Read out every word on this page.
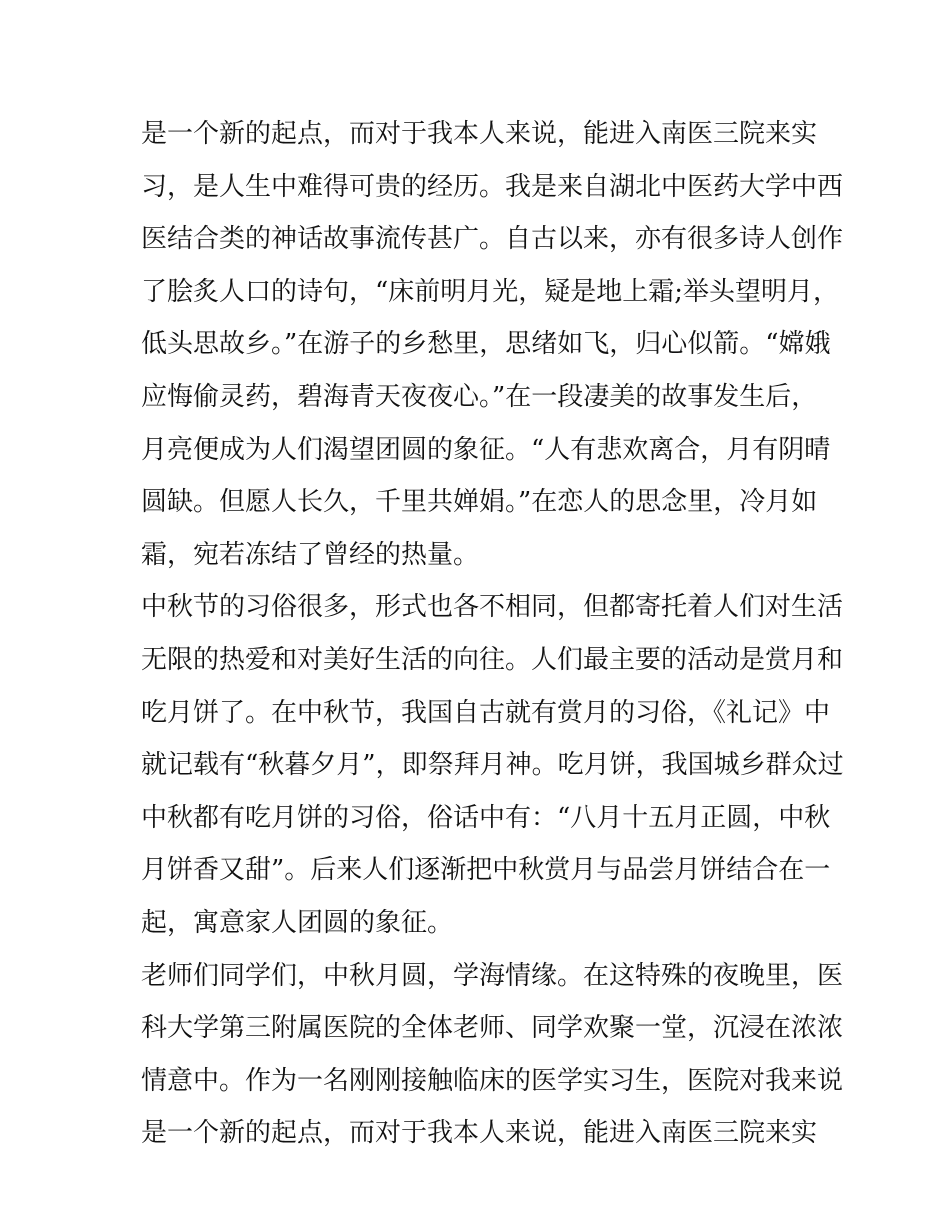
是一个新的起点，而对于我本人来说，能进入南医三院来实
习，是人生中难得可贵的经历。我是来自湖北中医药大学中西
医结合类的神话故事流传甚广。自古以来，亦有很多诗人创作
了脍炙人口的诗句，“床前明月光，疑是地上霜;举头望明月，
低头思故乡。”在游子的乡愁里，思绪如飞，归心似箭。“嫦娥
应悔偷灵药，碧海青天夜夜心。”在一段凄美的故事发生后，
月亮便成为人们渴望团圆的象征。“人有悲欢离合，月有阴晴
圆缺。但愿人长久，千里共婵娟。”在恋人的思念里，冷月如
霜，宛若冻结了曾经的热量。
中秋节的习俗很多，形式也各不相同，但都寄托着人们对生活
无限的热爱和对美好生活的向往。人们最主要的活动是赏月和
吃月饼了。在中秋节，我国自古就有赏月的习俗，《礼记》中
就记载有“秋暮夕月”，即祭拜月神。吃月饼，我国城乡群众过
中秋都有吃月饼的习俗，俗话中有：“八月十五月正圆，中秋
月饼香又甜”。后来人们逐渐把中秋赏月与品尝月饼结合在一
起，寓意家人团圆的象征。
老师们同学们，中秋月圆，学海情缘。在这特殊的夜晚里，医
科大学第三附属医院的全体老师、同学欢聚一堂，沉浸在浓浓
情意中。作为一名刚刚接触临床的医学实习生，医院对我来说
是一个新的起点，而对于我本人来说，能进入南医三院来实
